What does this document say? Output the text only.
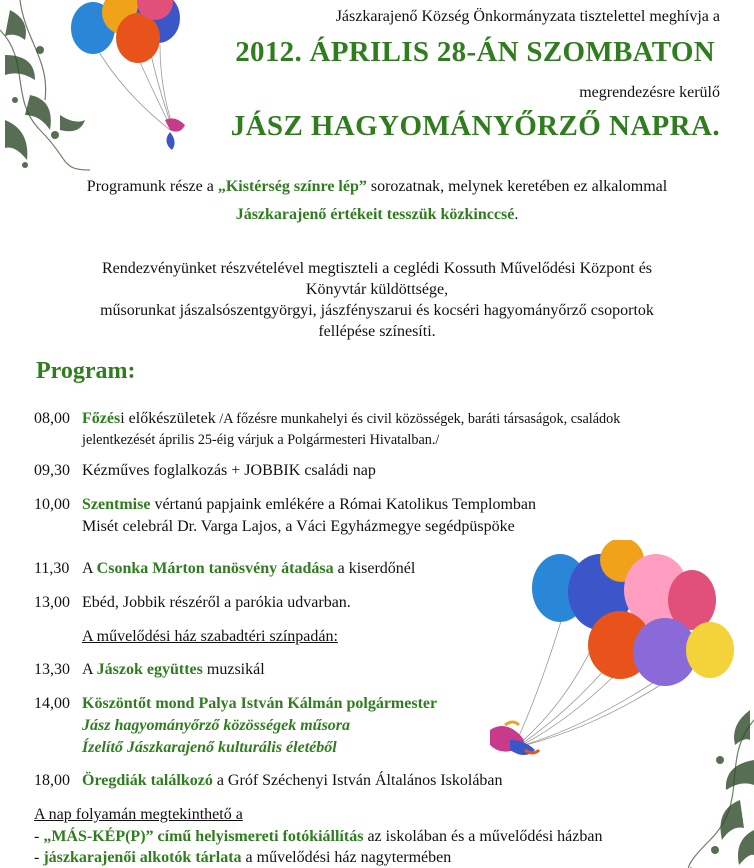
Jászkarajenő Község Önkormányzata tisztelettel meghívja a
2012. ÁPRILIS 28-ÁN SZOMBATON
megrendezésre kerülő
JÁSZ HAGYOMÁNYŐRZŐ NAPRA.
Programunk része a „Kistérség színre lép” sorozatnak, melynek keretében ez alkalommal
Jászkarajenő értékeit tesszük közkinccsé.
Rendezvényünket részvételével megtiszteli a ceglédi Kossuth Művelődési Központ és
Könyvtár küldöttsége,
műsorunkat jászalsószentgyörgyi, jászfényszarui és kocséri hagyományőrző csoportok
fellépése színesíti.
Program:
08,00 Főzési előkészületek /A főzésre munkahelyi és civil közösségek, baráti társaságok, családok
jelentkezését április 25-éig várjuk a Polgármesteri Hivatalban./
09,30 Kézműves foglalkozás + JOBBIK családi nap
10,00 Szentmise vértanú papjaink emlékére a Római Katolikus Templomban
Misét celebrál Dr. Varga Lajos, a Váci Egyházmegye segédpüspöke
11,30 A Csonka Márton tanösvény átadása a kiserdőnél
13,00 Ebéd, Jobbik részéről a parókia udvarban.
A művelődési ház szabadtéri színpadán:
13,30 A Jászok együttes muzsikál
14,00 Köszöntőt mond Palya István Kálmán polgármester
Jász hagyományőrző közösségek műsora
Ízelítő Jászkarajenő kulturális életéből
18,00 Öregdiák találkozó a Gróf Széchenyi István Általános Iskolában
A nap folyamán megtekinthető a
- „MÁS-KÉP(P)” című helyismereti fotókiállítás az iskolában és a művelődési házban
- jászkarajenői alkotók tárlata a művelődési ház nagytermében
